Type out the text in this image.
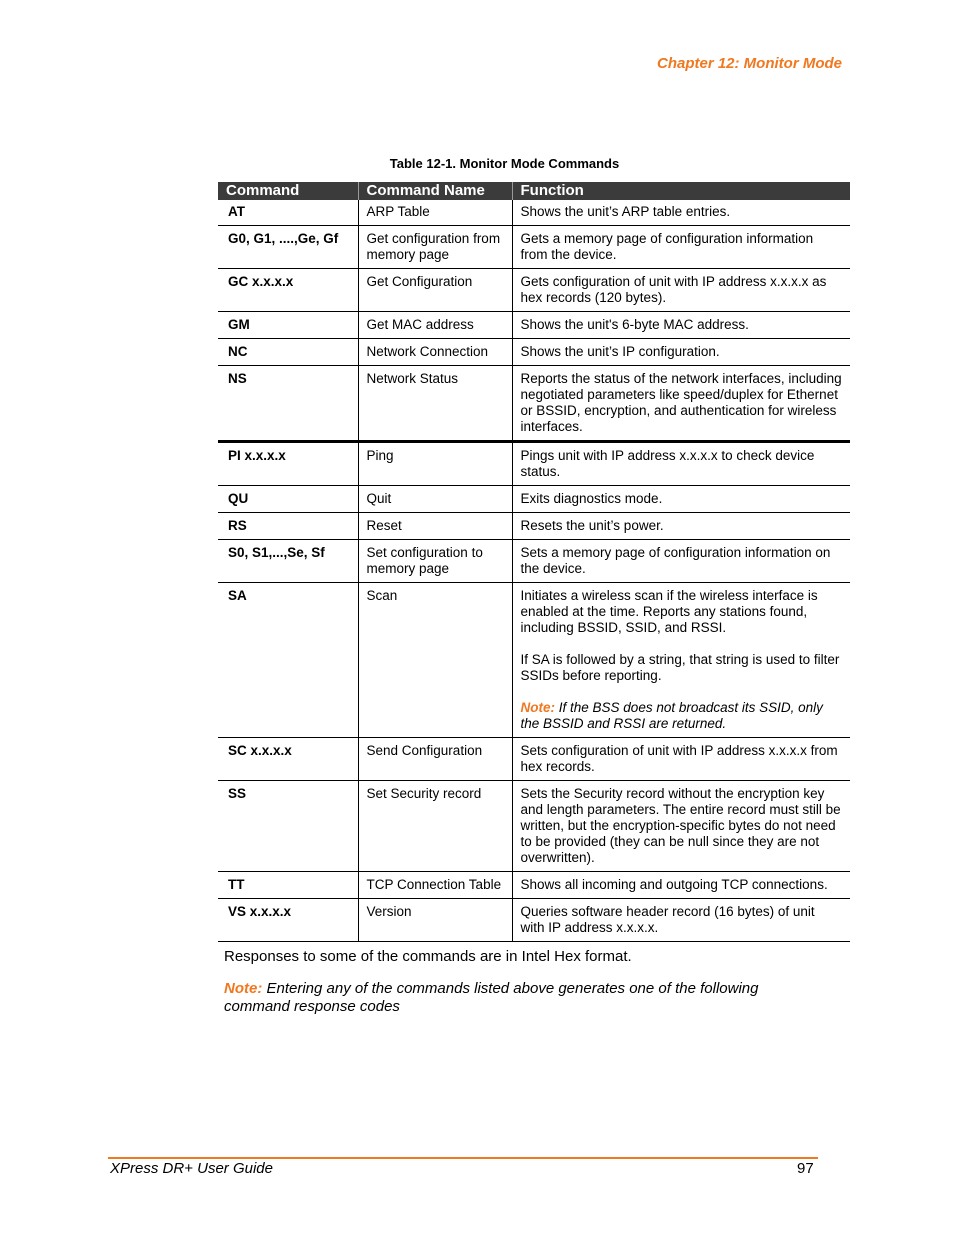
Chapter 12: Monitor Mode
Table 12-1. Monitor Mode Commands
Command	Command Name	Function
AT	ARP Table	Shows the unit’s ARP table entries.

G0, G1, ....,Ge, Gf	Get configuration from memory page	Gets a memory page of configuration information from the device.

GC x.x.x.x	Get Configuration	Gets configuration of unit with IP address x.x.x.x as hex records (120 bytes).

GM	Get MAC address	Shows the unit's 6-byte MAC address.

NC	Network Connection	Shows the unit’s IP configuration.

NS	Network Status	Reports the status of the network interfaces, including negotiated parameters like speed/duplex for Ethernet or BSSID, encryption, and authentication for wireless interfaces.

PI x.x.x.x	Ping	Pings unit with IP address x.x.x.x to check device status.

QU	Quit	Exits diagnostics mode.

RS	Reset	Resets the unit’s power.

S0, S1,...,Se, Sf	Set configuration to memory page	Sets a memory page of configuration information on the device.

SA	Scan	Initiates a wireless scan if the wireless interface is enabled at the time. Reports any stations found, including BSSID, SSID, and RSSI.
If SA is followed by a string, that string is used to filter SSIDs before reporting.
Note: If the BSS does not broadcast its SSID, only the BSSID and RSSI are returned.

SC x.x.x.x	Send Configuration	Sets configuration of unit with IP address x.x.x.x from hex records.

SS	Set Security record	Sets the Security record without the encryption key and length parameters. The entire record must still be written, but the encryption-specific bytes do not need to be provided (they can be null since they are not overwritten).

TT	TCP Connection Table	Shows all incoming and outgoing TCP connections.

VS x.x.x.x	Version	Queries software header record (16 bytes) of unit with IP address x.x.x.x.
Responses to some of the commands are in Intel Hex format.
Note: Entering any of the commands listed above generates one of the following command response codes
XPress DR+ User Guide	97
